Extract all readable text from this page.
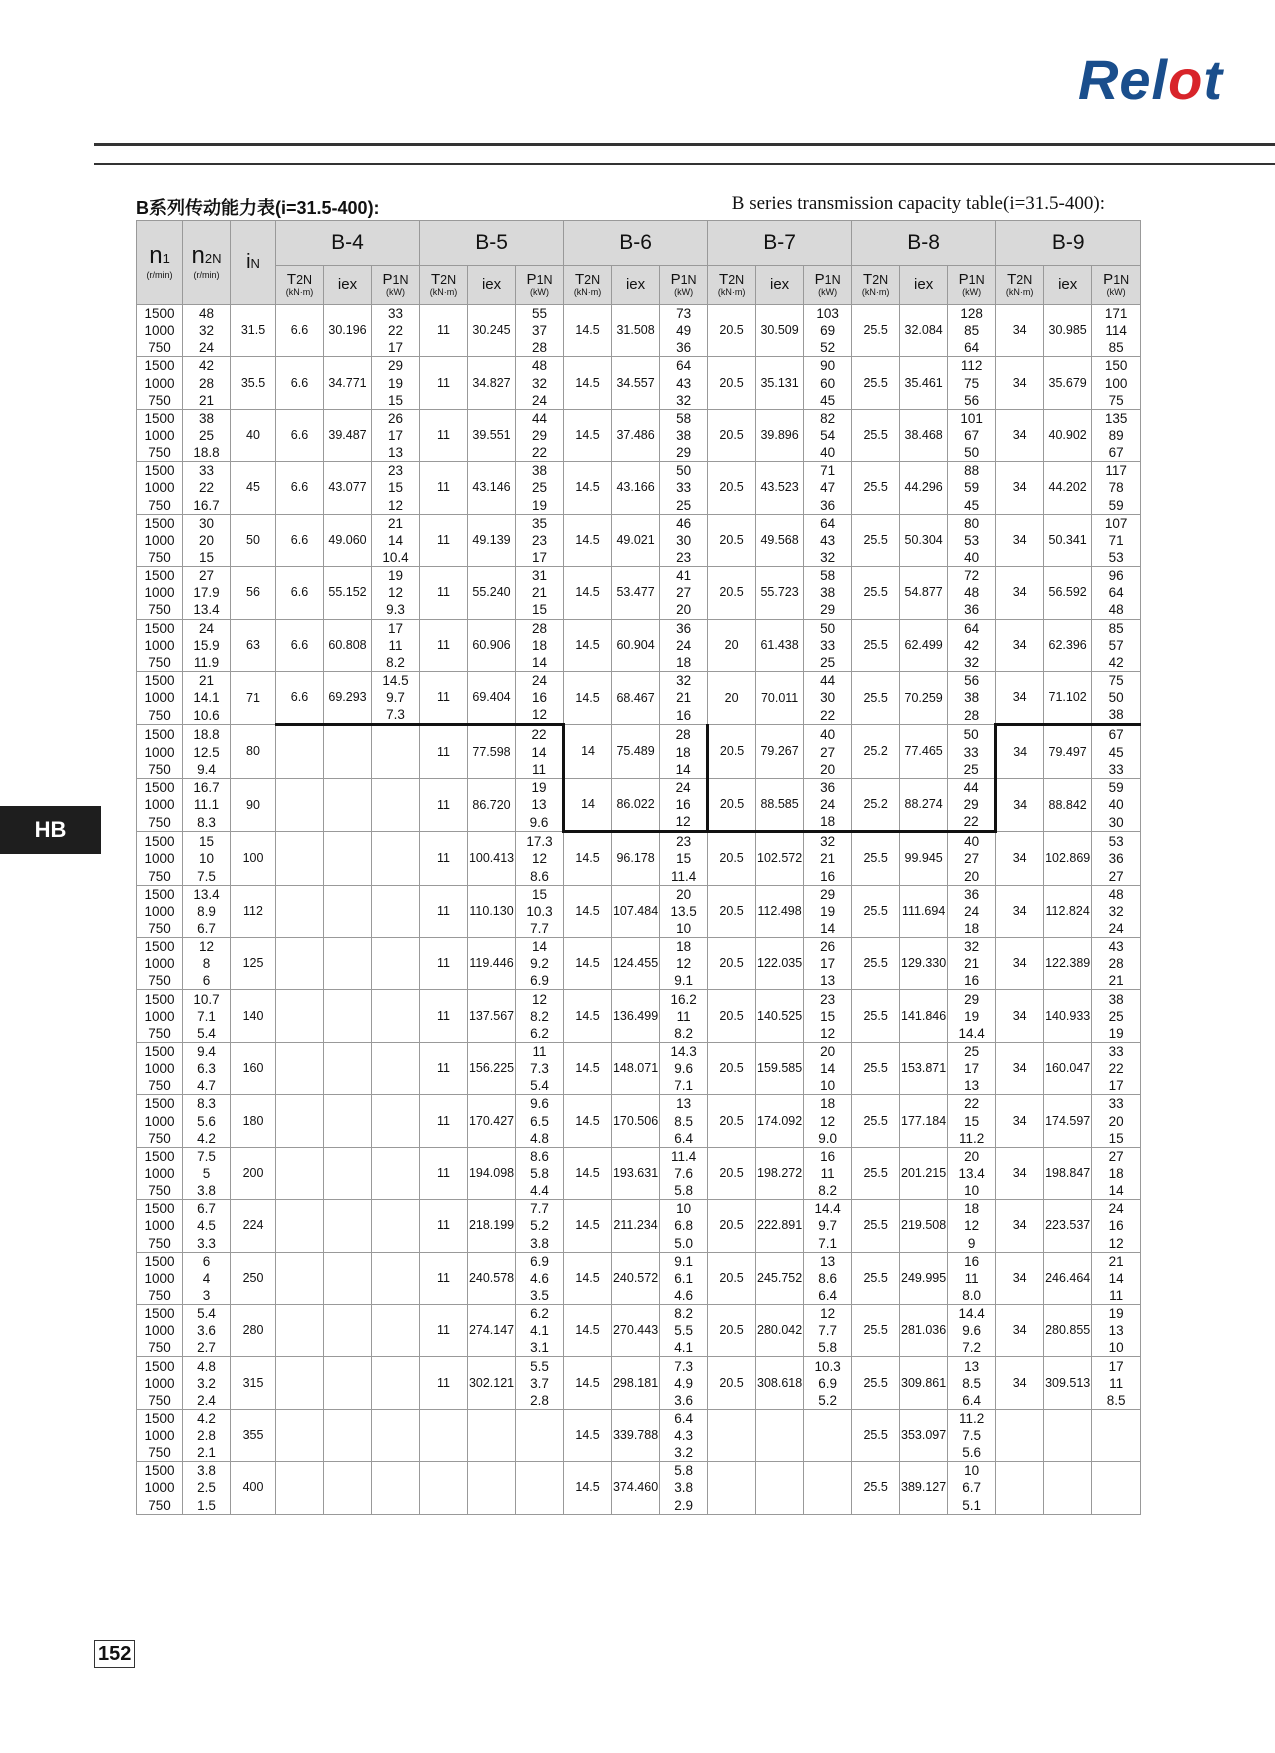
Relot
B系列传动能力表(i=31.5-400):	B series transmission capacity table(i=31.5-400):
HB
152
n1
(r/min)	n2N
(r/min)	iN	B-4			B-5			B-6			B-7			B-8			B-9		
			T2N
(kN·m)	iex	P1N
(kW)	T2N
(kN·m)	iex	P1N
(kW)	T2N
(kN·m)	iex	P1N
(kW)	T2N
(kN·m)	iex	P1N
(kW)	T2N
(kN·m)	iex	P1N
(kW)	T2N
(kN·m)	iex	P1N
(kW)

1500	48	31.5	6.6	30.196	33	11	30.245	55	14.5	31.508	73	20.5	30.509	103	25.5	32.084	128	34	30.985	171
1000	32				22			37			49			69			85			114
750	24				17			28			36			52			64			85
1500	42	35.5	6.6	34.771	29	11	34.827	48	14.5	34.557	64	20.5	35.131	90	25.5	35.461	112	34	35.679	150
1000	28				19			32			43			60			75			100
750	21				15			24			32			45			56			75
1500	38	40	6.6	39.487	26	11	39.551	44	14.5	37.486	58	20.5	39.896	82	25.5	38.468	101	34	40.902	135
1000	25				17			29			38			54			67			89
750	18.8				13			22			29			40			50			67
1500	33	45	6.6	43.077	23	11	43.146	38	14.5	43.166	50	20.5	43.523	71	25.5	44.296	88	34	44.202	117
1000	22				15			25			33			47			59			78
750	16.7				12			19			25			36			45			59
1500	30	50	6.6	49.060	21	11	49.139	35	14.5	49.021	46	20.5	49.568	64	25.5	50.304	80	34	50.341	107
1000	20				14			23			30			43			53			71
750	15				10.4			17			23			32			40			53
1500	27	56	6.6	55.152	19	11	55.240	31	14.5	53.477	41	20.5	55.723	58	25.5	54.877	72	34	56.592	96
1000	17.9				12			21			27			38			48			64
750	13.4				9.3			15			20			29			36			48
1500	24	63	6.6	60.808	17	11	60.906	28	14.5	60.904	36	20	61.438	50	25.5	62.499	64	34	62.396	85
1000	15.9				11			18			24			33			42			57
750	11.9				8.2			14			18			25			32			42
1500	21	71	6.6	69.293	14.5	11	69.404	24	14.5	68.467	32	20	70.011	44	25.5	70.259	56	34	71.102	75
1000	14.1				9.7			16			21			30			38			50
750	10.6				7.3			12			16			22			28			38
1500	18.8	80				11	77.598	22	14	75.489	28	20.5	79.267	40	25.2	77.465	50	34	79.497	67
1000	12.5							14			18			27			33			45
750	9.4							11			14			20			25			33
1500	16.7	90				11	86.720	19	14	86.022	24	20.5	88.585	36	25.2	88.274	44	34	88.842	59
1000	11.1							13			16			24			29			40
750	8.3							9.6			12			18			22			30
1500	15	100				11	100.413	17.3	14.5	96.178	23	20.5	102.572	32	25.5	99.945	40	34	102.869	53
1000	10							12			15			21			27			36
750	7.5							8.6			11.4			16			20			27
1500	13.4	112				11	110.130	15	14.5	107.484	20	20.5	112.498	29	25.5	111.694	36	34	112.824	48
1000	8.9							10.3			13.5			19			24			32
750	6.7							7.7			10			14			18			24
1500	12	125				11	119.446	14	14.5	124.455	18	20.5	122.035	26	25.5	129.330	32	34	122.389	43
1000	8							9.2			12			17			21			28
750	6							6.9			9.1			13			16			21
1500	10.7	140				11	137.567	12	14.5	136.499	16.2	20.5	140.525	23	25.5	141.846	29	34	140.933	38
1000	7.1							8.2			11			15			19			25
750	5.4							6.2			8.2			12			14.4			19
1500	9.4	160				11	156.225	11	14.5	148.071	14.3	20.5	159.585	20	25.5	153.871	25	34	160.047	33
1000	6.3							7.3			9.6			14			17			22
750	4.7							5.4			7.1			10			13			17
1500	8.3	180				11	170.427	9.6	14.5	170.506	13	20.5	174.092	18	25.5	177.184	22	34	174.597	33
1000	5.6							6.5			8.5			12			15			20
750	4.2							4.8			6.4			9.0			11.2			15
1500	7.5	200				11	194.098	8.6	14.5	193.631	11.4	20.5	198.272	16	25.5	201.215	20	34	198.847	27
1000	5							5.8			7.6			11			13.4			18
750	3.8							4.4			5.8			8.2			10			14
1500	6.7	224				11	218.199	7.7	14.5	211.234	10	20.5	222.891	14.4	25.5	219.508	18	34	223.537	24
1000	4.5							5.2			6.8			9.7			12			16
750	3.3							3.8			5.0			7.1			9			12
1500	6	250				11	240.578	6.9	14.5	240.572	9.1	20.5	245.752	13	25.5	249.995	16	34	246.464	21
1000	4							4.6			6.1			8.6			11			14
750	3							3.5			4.6			6.4			8.0			11
1500	5.4	280				11	274.147	6.2	14.5	270.443	8.2	20.5	280.042	12	25.5	281.036	14.4	34	280.855	19
1000	3.6							4.1			5.5			7.7			9.6			13
750	2.7							3.1			4.1			5.8			7.2			10
1500	4.8	315				11	302.121	5.5	14.5	298.181	7.3	20.5	308.618	10.3	25.5	309.861	13	34	309.513	17
1000	3.2							3.7			4.9			6.9			8.5			11
750	2.4							2.8			3.6			5.2			6.4			8.5
1500	4.2	355							14.5	339.788	6.4				25.5	353.097	11.2			
1000	2.8										4.3						7.5			
750	2.1										3.2						5.6			
1500	3.8	400							14.5	374.460	5.8				25.5	389.127	10			
1000	2.5										3.8						6.7			
750	1.5										2.9						5.1			
